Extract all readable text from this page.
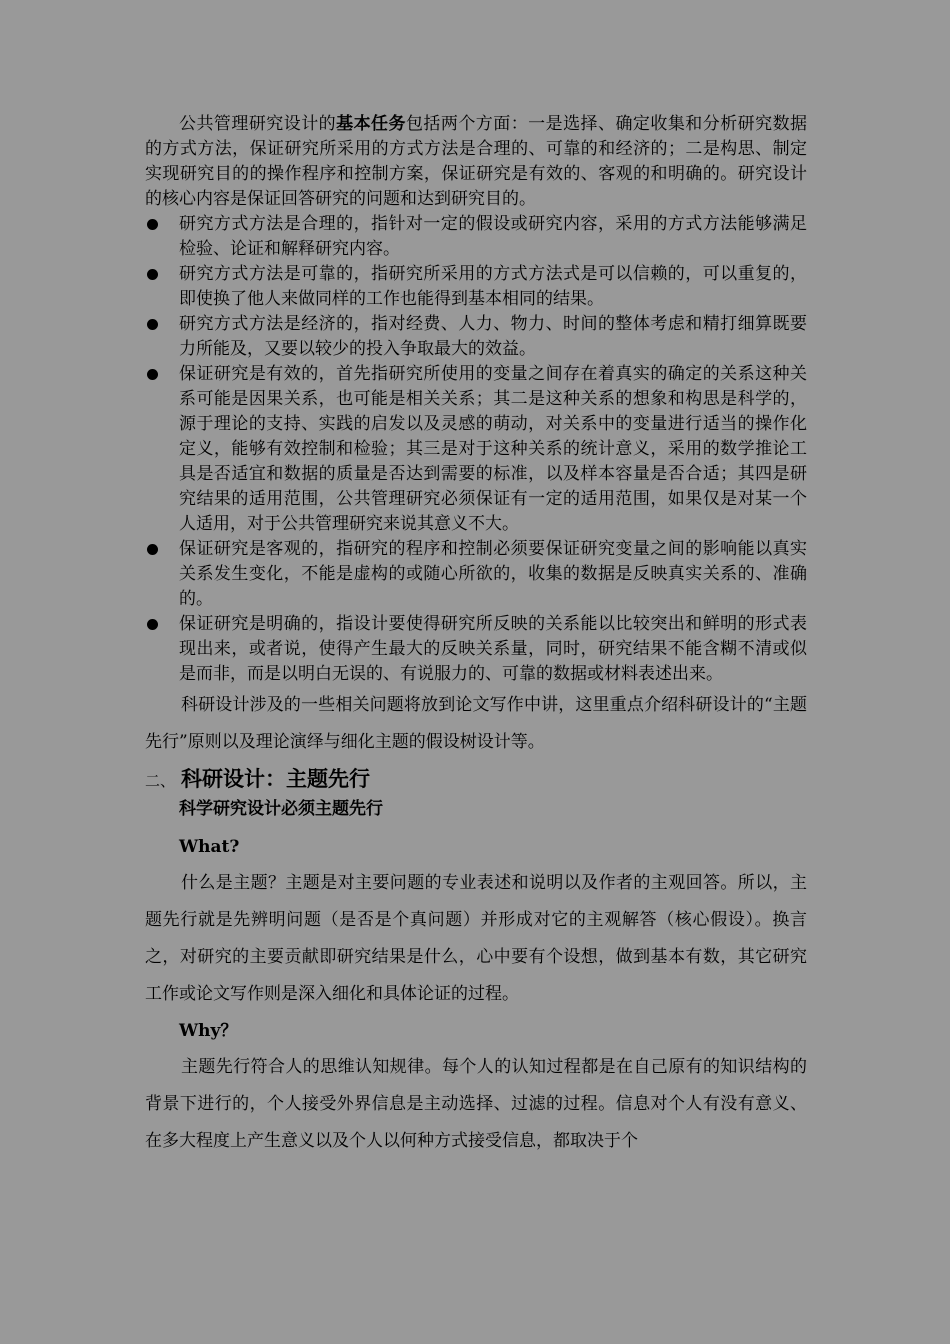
公共管理研究设计的基本任务包括两个方面：一是选择、确定收集和分析研究数据的方式方法，保证研究所采用的方式方法是合理的、可靠的和经济的；二是构思、制定实现研究目的的操作程序和控制方案，保证研究是有效的、客观的和明确的。研究设计的核心内容是保证回答研究的问题和达到研究目的。

研究方式方法是合理的，指针对一定的假设或研究内容，采用的方式方法能够满足检验、论证和解释研究内容。
研究方式方法是可靠的，指研究所采用的方式方法式是可以信赖的，可以重复的，即使换了他人来做同样的工作也能得到基本相同的结果。
研究方式方法是经济的，指对经费、人力、物力、时间的整体考虑和精打细算既要力所能及，又要以较少的投入争取最大的效益。
保证研究是有效的，首先指研究所使用的变量之间存在着真实的确定的关系这种关系可能是因果关系，也可能是相关关系；其二是这种关系的想象和构思是科学的，源于理论的支持、实践的启发以及灵感的萌动，对关系中的变量进行适当的操作化定义，能够有效控制和检验；其三是对于这种关系的统计意义，采用的数学推论工具是否适宜和数据的质量是否达到需要的标准，以及样本容量是否合适；其四是研究结果的适用范围，公共管理研究必须保证有一定的适用范围，如果仅是对某一个人适用，对于公共管理研究来说其意义不大。
保证研究是客观的，指研究的程序和控制必须要保证研究变量之间的影响能以真实关系发生变化，不能是虚构的或随心所欲的，收集的数据是反映真实关系的、准确的。
保证研究是明确的，指设计要使得研究所反映的关系能以比较突出和鲜明的形式表现出来，或者说，使得产生最大的反映关系量，同时，研究结果不能含糊不清或似是而非，而是以明白无误的、有说服力的、可靠的数据或材料表述出来。

科研设计涉及的一些相关问题将放到论文写作中讲，这里重点介绍科研设计的“主题先行”原则以及理论演绎与细化主题的假设树设计等。

二、 科研设计：主题先行

科学研究设计必须主题先行

What?

什么是主题？主题是对主要问题的专业表述和说明以及作者的主观回答。所以，主题先行就是先辨明问题（是否是个真问题）并形成对它的主观解答（核心假设）。换言之，对研究的主要贡献即研究结果是什么，心中要有个设想，做到基本有数，其它研究工作或论文写作则是深入细化和具体论证的过程。

Why？

主题先行符合人的思维认知规律。每个人的认知过程都是在自己原有的知识结构的背景下进行的，个人接受外界信息是主动选择、过滤的过程。信息对个人有没有意义、在多大程度上产生意义以及个人以何种方式接受信息，都取决于个
